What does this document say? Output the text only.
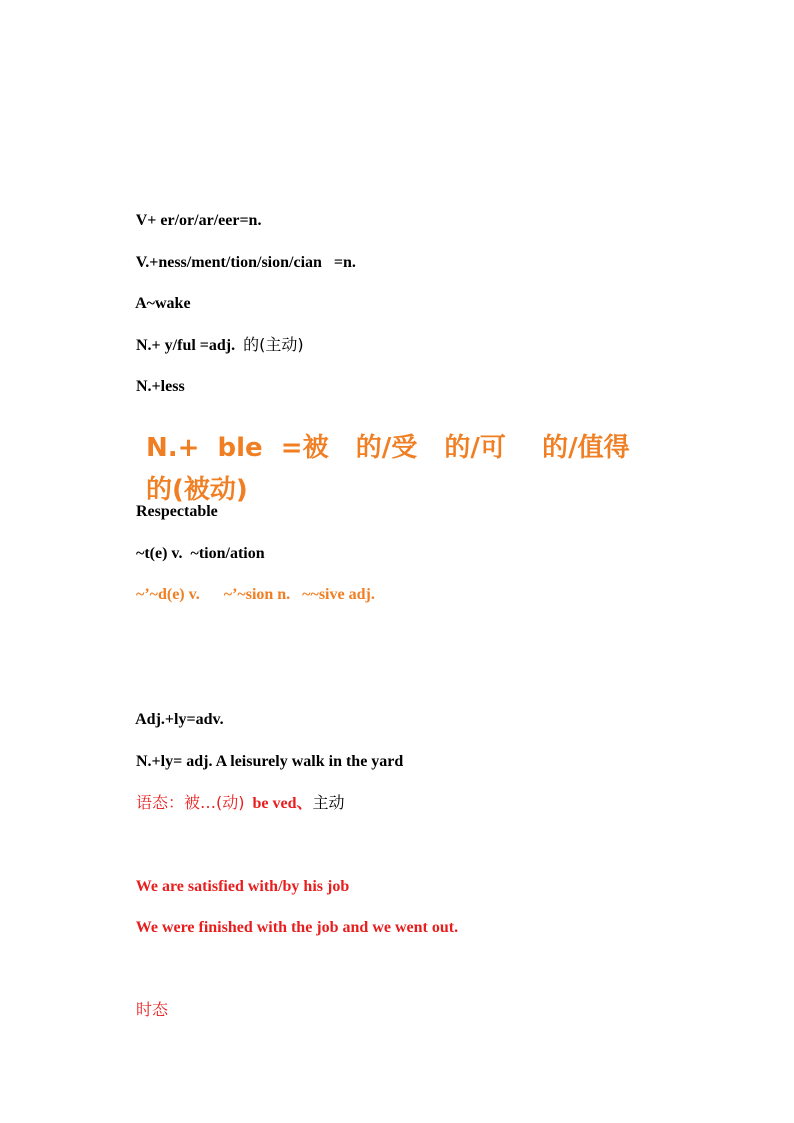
V+ er/or/ar/eer=n.

V.+ness/ment/tion/sion/cian   =n.

A~wake

N.+ y/ful =adj.  的(主动)

N.+less

N.+  ble  =被   的/受   的/可    的/值得

的(被动)

Respectable

~t(e) v.  ~tion/ation

~’~d(e) v.      ~’~sion n.   ~~sive adj.

Adj.+ly=adv.

N.+ly= adj. A leisurely walk in the yard

语态：被…(动)  be ved、主动

We are satisfied with/by his job

We were finished with the job and we went out.

时态
